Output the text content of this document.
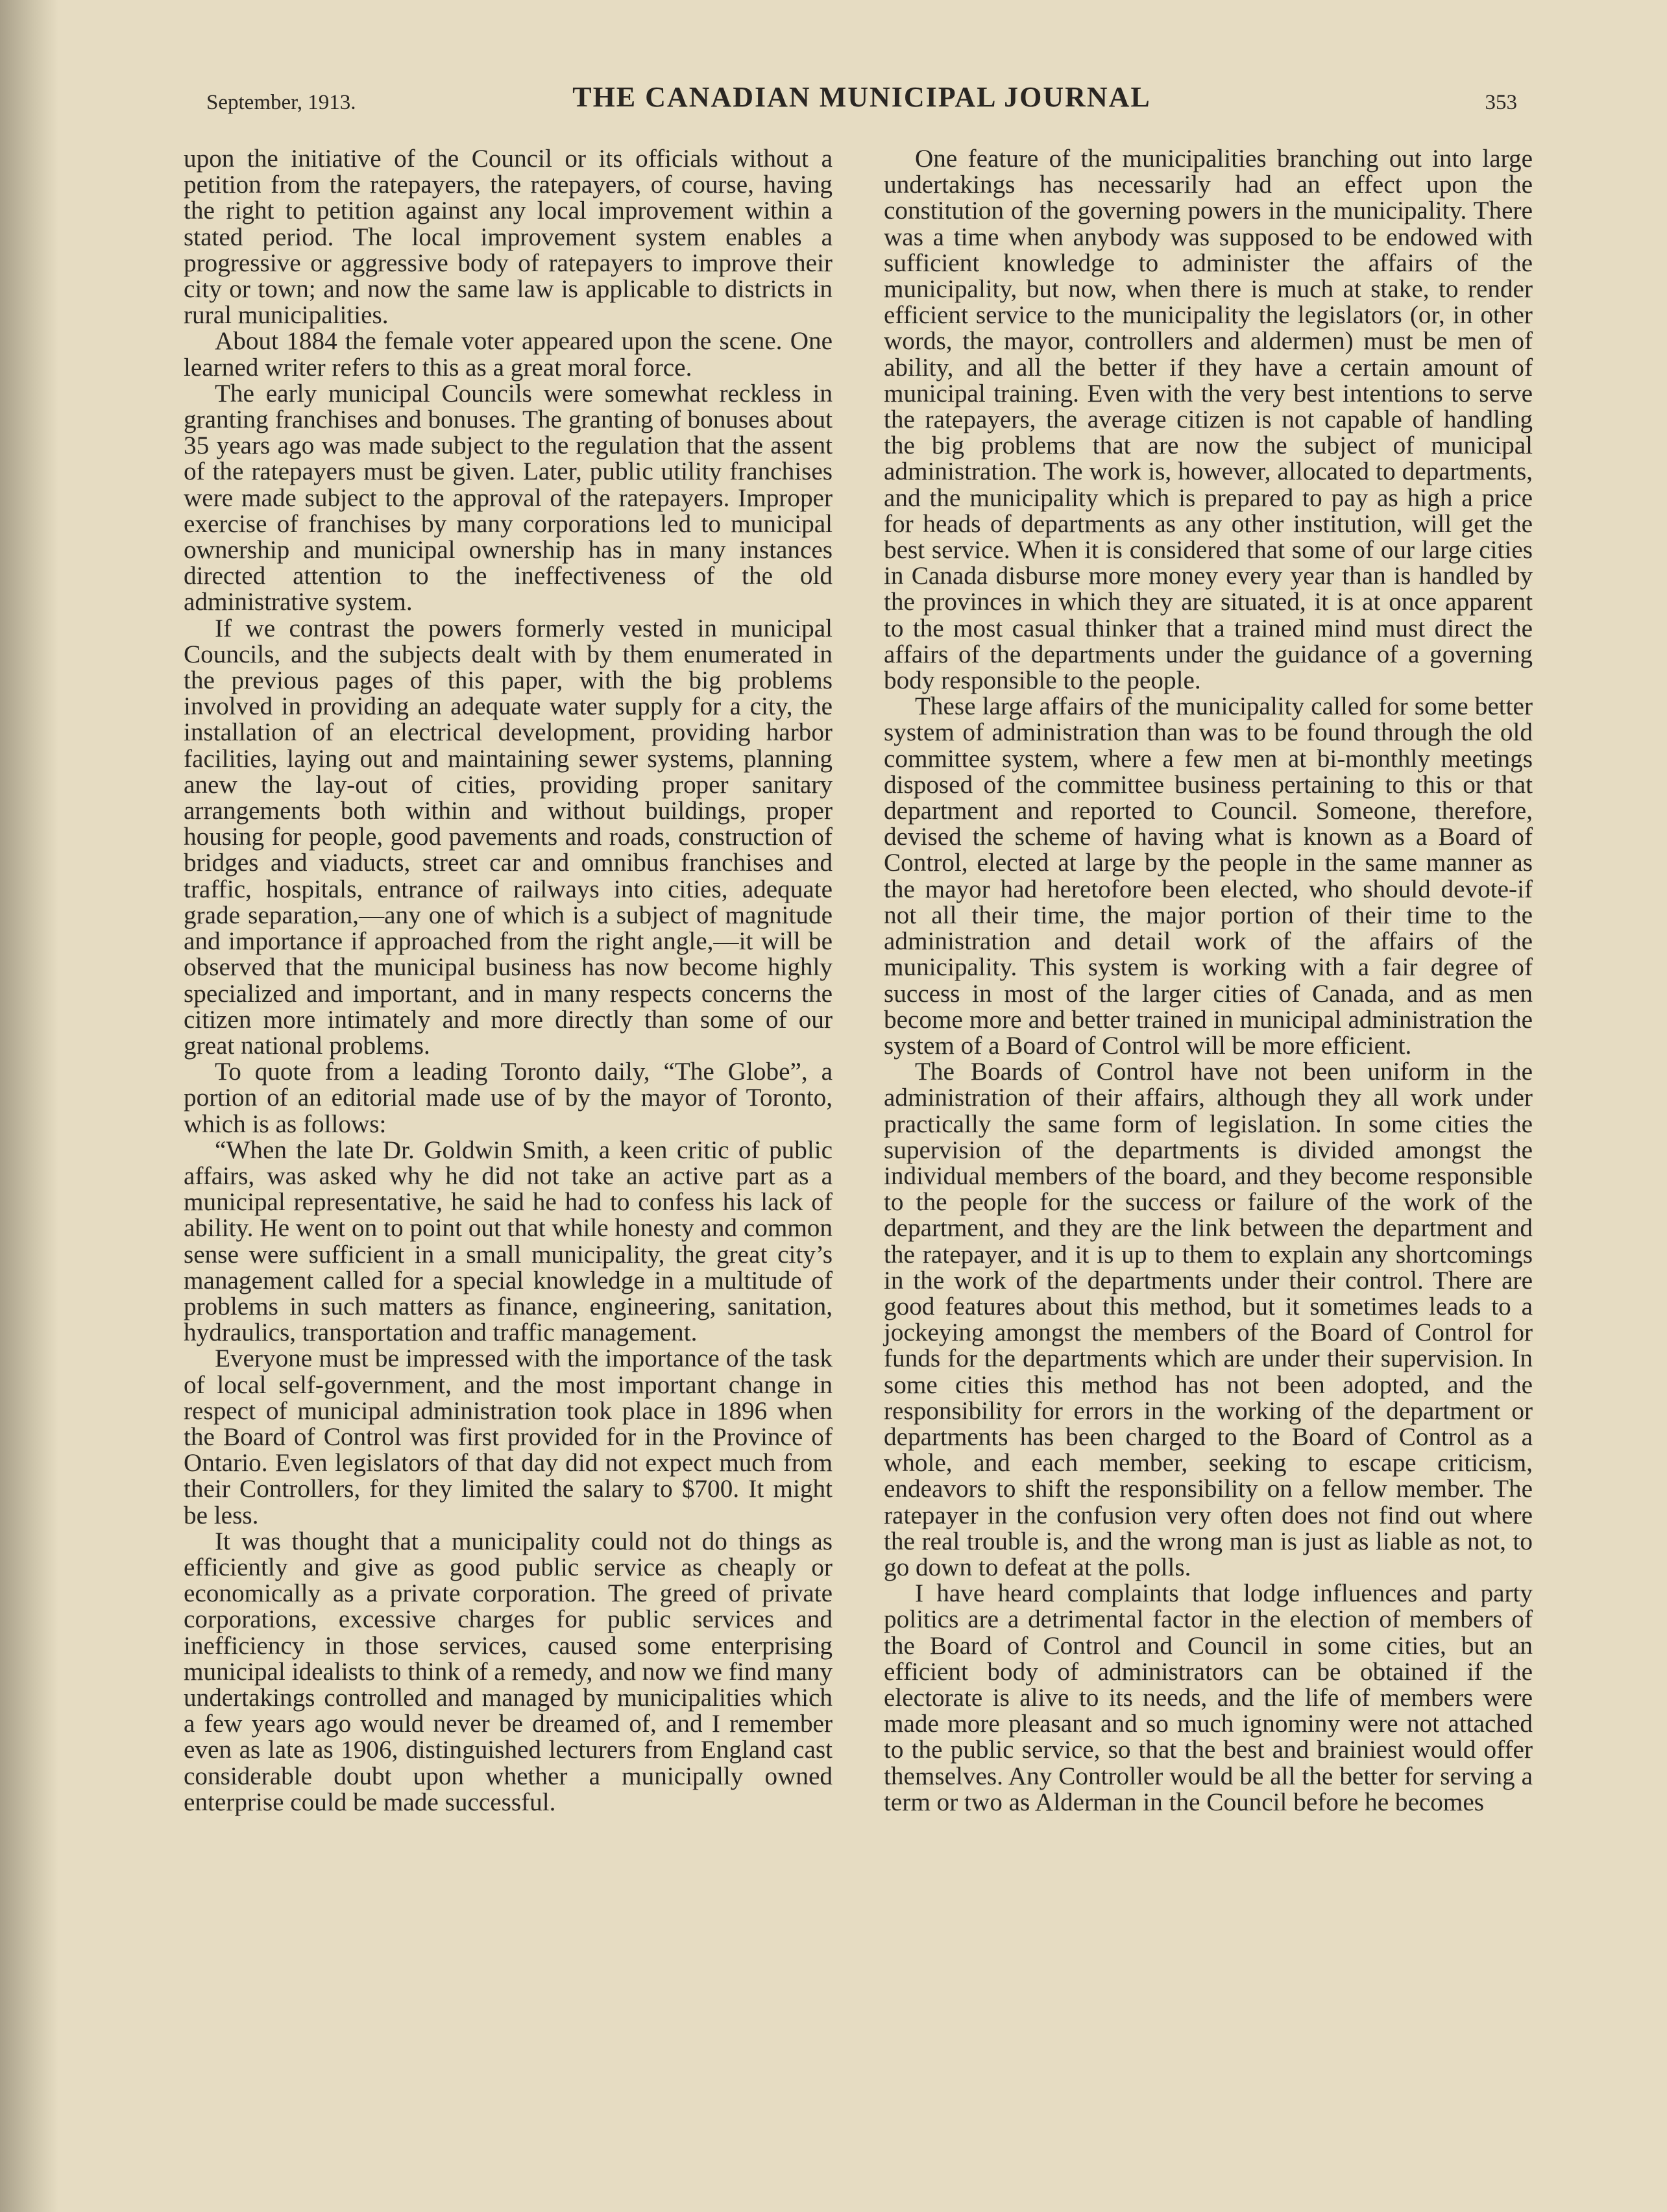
September, 1913.	THE CANADIAN MUNICIPAL JOURNAL	353

upon the initiative of the Council or its officials without a petition from the ratepayers, the ratepayers, of course, having the right to petition against any local improvement within a stated period. The local improvement system enables a progressive or aggressive body of ratepayers to improve their city or town; and now the same law is applicable to districts in rural municipalities.

About 1884 the female voter appeared upon the scene. One learned writer refers to this as a great moral force.

The early municipal Councils were somewhat reckless in granting franchises and bonuses. The granting of bonuses about 35 years ago was made subject to the regulation that the assent of the ratepayers must be given. Later, public utility franchises were made subject to the approval of the ratepayers. Improper exercise of franchises by many corporations led to municipal ownership and municipal ownership has in many instances directed attention to the ineffectiveness of the old administrative system.

If we contrast the powers formerly vested in municipal Councils, and the subjects dealt with by them enumerated in the previous pages of this paper, with the big problems involved in providing an adequate water supply for a city, the installation of an electrical development, providing harbor facilities, laying out and maintaining sewer systems, planning anew the lay-out of cities, providing proper sanitary arrangements both within and without buildings, proper housing for people, good pavements and roads, construction of bridges and viaducts, street car and omnibus franchises and traffic, hospitals, entrance of railways into cities, adequate grade separation,—any one of which is a subject of magnitude and importance if approached from the right angle,—it will be observed that the municipal business has now become highly specialized and important, and in many respects concerns the citizen more intimately and more directly than some of our great national problems.

To quote from a leading Toronto daily, “The Globe”, a portion of an editorial made use of by the mayor of Toronto, which is as follows:

“When the late Dr. Goldwin Smith, a keen critic of public affairs, was asked why he did not take an active part as a municipal representative, he said he had to confess his lack of ability. He went on to point out that while honesty and common sense were sufficient in a small municipality, the great city’s management called for a special knowledge in a multitude of problems in such matters as finance, engineering, sanitation, hydraulics, transportation and traffic management.

Everyone must be impressed with the importance of the task of local self-government, and the most important change in respect of municipal administration took place in 1896 when the Board of Control was first provided for in the Province of Ontario. Even legislators of that day did not expect much from their Controllers, for they limited the salary to $700. It might be less.

It was thought that a municipality could not do things as efficiently and give as good public service as cheaply or economically as a private corporation. The greed of private corporations, excessive charges for public services and inefficiency in those services, caused some enterprising municipal idealists to think of a remedy, and now we find many undertakings controlled and managed by municipalities which a few years ago would never be dreamed of, and I remember even as late as 1906, distinguished lecturers from England cast considerable doubt upon whether a municipally owned enterprise could be made successful.

One feature of the municipalities branching out into large undertakings has necessarily had an effect upon the constitution of the governing powers in the municipality. There was a time when anybody was supposed to be endowed with sufficient knowledge to administer the affairs of the municipality, but now, when there is much at stake, to render efficient service to the municipality the legislators (or, in other words, the mayor, controllers and aldermen) must be men of ability, and all the better if they have a certain amount of municipal training. Even with the very best intentions to serve the ratepayers, the average citizen is not capable of handling the big problems that are now the subject of municipal administration. The work is, however, allocated to departments, and the municipality which is prepared to pay as high a price for heads of departments as any other institution, will get the best service. When it is considered that some of our large cities in Canada disburse more money every year than is handled by the provinces in which they are situated, it is at once apparent to the most casual thinker that a trained mind must direct the affairs of the departments under the guidance of a governing body responsible to the people.

These large affairs of the municipality called for some better system of administration than was to be found through the old committee system, where a few men at bi-monthly meetings disposed of the committee business pertaining to this or that department and reported to Council. Someone, therefore, devised the scheme of having what is known as a Board of Control, elected at large by the people in the same manner as the mayor had heretofore been elected, who should devote-if not all their time, the major portion of their time to the administration and detail work of the affairs of the municipality. This system is working with a fair degree of success in most of the larger cities of Canada, and as men become more and better trained in municipal administration the system of a Board of Control will be more efficient.

The Boards of Control have not been uniform in the administration of their affairs, although they all work under practically the same form of legislation. In some cities the supervision of the departments is divided amongst the individual members of the board, and they become responsible to the people for the success or failure of the work of the department, and they are the link between the department and the ratepayer, and it is up to them to explain any shortcomings in the work of the departments under their control. There are good features about this method, but it sometimes leads to a jockeying amongst the members of the Board of Control for funds for the departments which are under their supervision. In some cities this method has not been adopted, and the responsibility for errors in the working of the department or departments has been charged to the Board of Control as a whole, and each member, seeking to escape criticism, endeavors to shift the responsibility on a fellow member. The ratepayer in the confusion very often does not find out where the real trouble is, and the wrong man is just as liable as not, to go down to defeat at the polls.

I have heard complaints that lodge influences and party politics are a detrimental factor in the election of members of the Board of Control and Council in some cities, but an efficient body of administrators can be obtained if the electorate is alive to its needs, and the life of members were made more pleasant and so much ignominy were not attached to the public service, so that the best and brainiest would offer themselves. Any Controller would be all the better for serving a term or two as Alderman in the Council before he becomes
